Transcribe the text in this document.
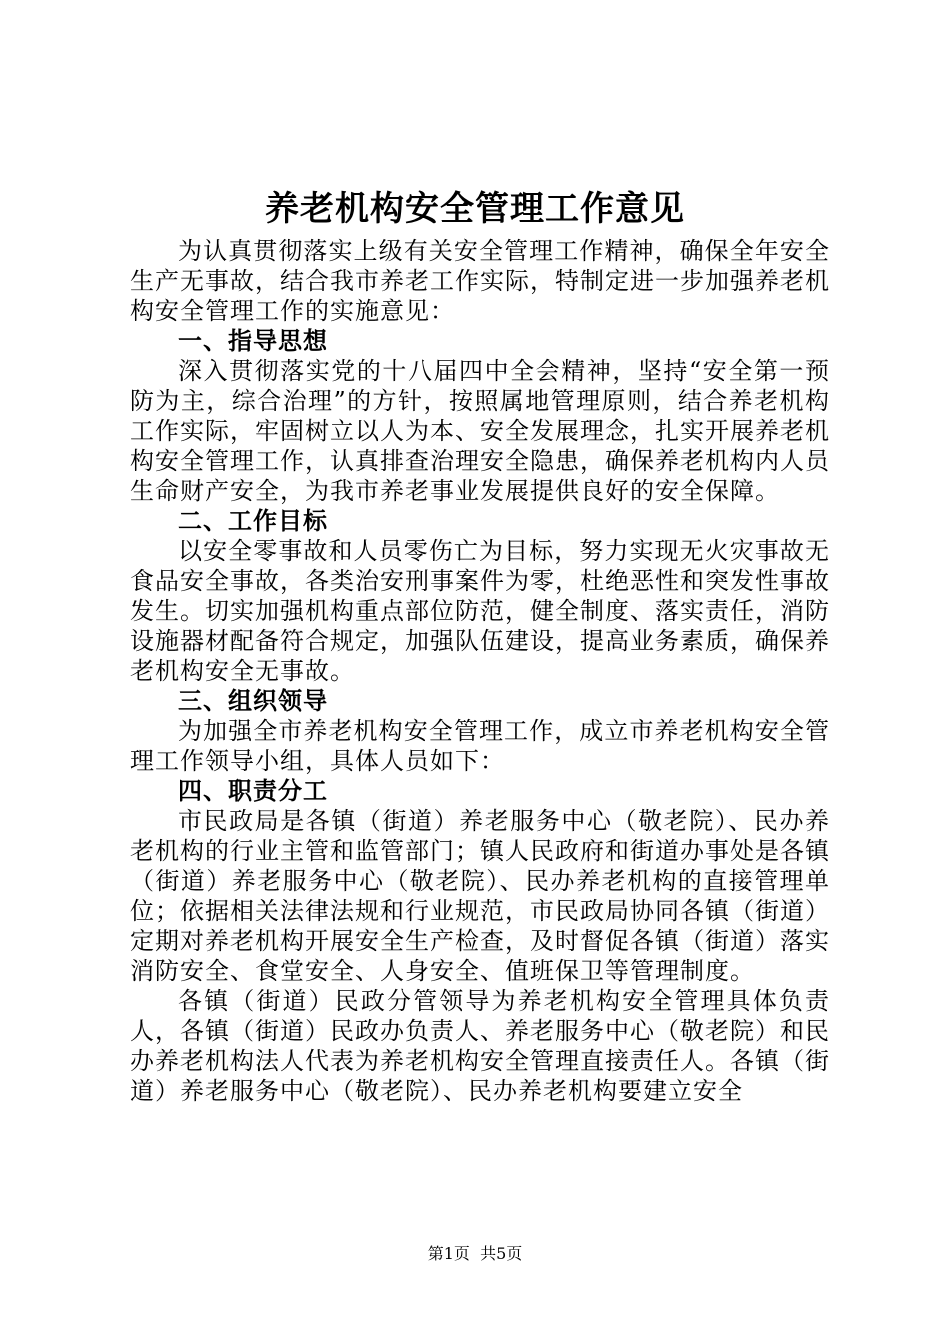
养老机构安全管理工作意见

为认真贯彻落实上级有关安全管理工作精神，确保全年安全生产无事故，结合我市养老工作实际，特制定进一步加强养老机构安全管理工作的实施意见：

一、指导思想

深入贯彻落实党的十八届四中全会精神，坚持“安全第一预防为主，综合治理”的方针，按照属地管理原则，结合养老机构工作实际，牢固树立以人为本、安全发展理念，扎实开展养老机构安全管理工作，认真排查治理安全隐患，确保养老机构内人员生命财产安全，为我市养老事业发展提供良好的安全保障。

二、工作目标

以安全零事故和人员零伤亡为目标，努力实现无火灾事故无食品安全事故，各类治安刑事案件为零，杜绝恶性和突发性事故发生。切实加强机构重点部位防范，健全制度、落实责任，消防设施器材配备符合规定，加强队伍建设，提高业务素质，确保养老机构安全无事故。

三、组织领导

为加强全市养老机构安全管理工作，成立市养老机构安全管理工作领导小组，具体人员如下：

四、职责分工

市民政局是各镇（街道）养老服务中心（敬老院）、民办养老机构的行业主管和监管部门；镇人民政府和街道办事处是各镇（街道）养老服务中心（敬老院）、民办养老机构的直接管理单位；依据相关法律法规和行业规范，市民政局协同各镇（街道）定期对养老机构开展安全生产检查，及时督促各镇（街道）落实消防安全、食堂安全、人身安全、值班保卫等管理制度。

各镇（街道）民政分管领导为养老机构安全管理具体负责人，各镇（街道）民政办负责人、养老服务中心（敬老院）和民办养老机构法人代表为养老机构安全管理直接责任人。各镇（街道）养老服务中心（敬老院）、民办养老机构要建立安全

第1页 共5页
